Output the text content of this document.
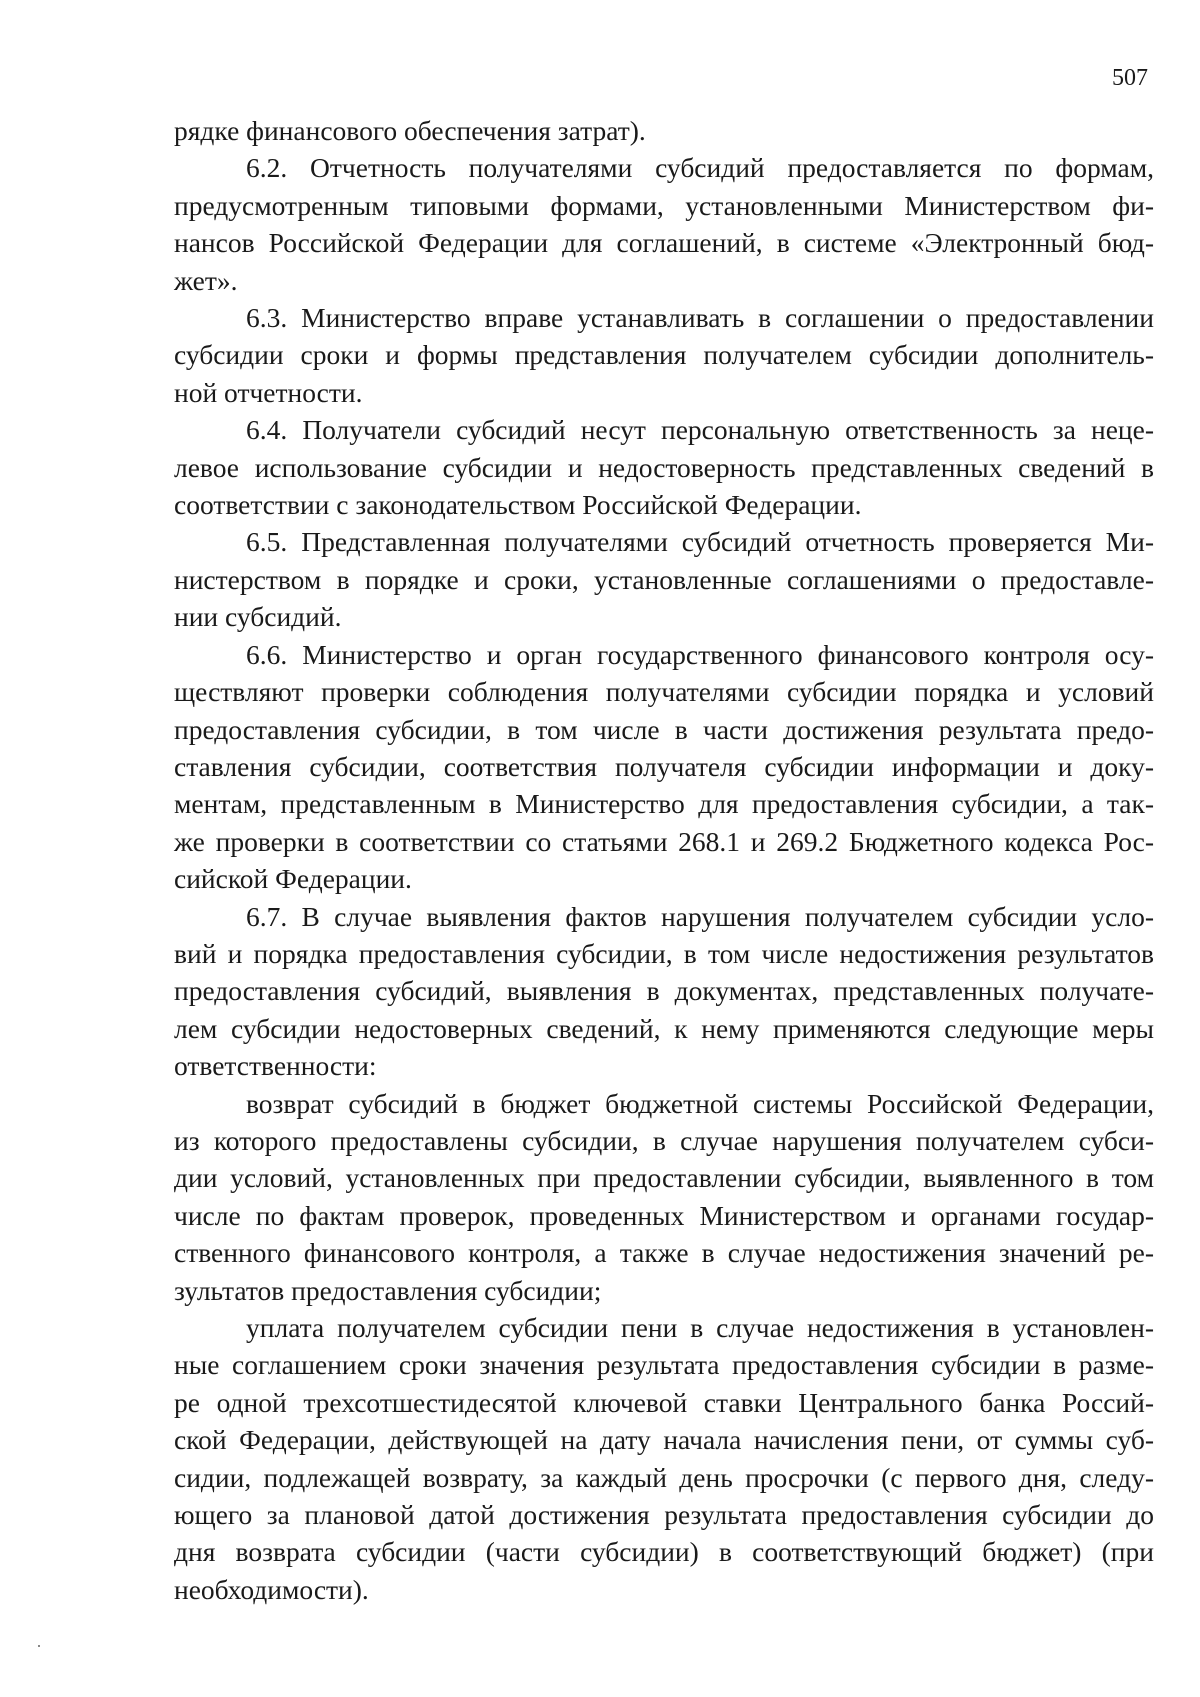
507
рядке финансового обеспечения затрат).
6.2. Отчетность получателями субсидий предоставляется по формам,
предусмотренным типовыми формами, установленными Министерством фи-
нансов Российской Федерации для соглашений, в системе «Электронный бюд-
жет».
6.3. Министерство вправе устанавливать в соглашении о предоставлении
субсидии сроки и формы представления получателем субсидии дополнитель-
ной отчетности.
6.4. Получатели субсидий несут персональную ответственность за неце-
левое использование субсидии и недостоверность представленных сведений в
соответствии с законодательством Российской Федерации.
6.5. Представленная получателями субсидий отчетность проверяется Ми-
нистерством в порядке и сроки, установленные соглашениями о предоставле-
нии субсидий.
6.6. Министерство и орган государственного финансового контроля осу-
ществляют проверки соблюдения получателями субсидии порядка и условий
предоставления субсидии, в том числе в части достижения результата предо-
ставления субсидии, соответствия получателя субсидии информации и доку-
ментам, представленным в Министерство для предоставления субсидии, а так-
же проверки в соответствии со статьями 268.1 и 269.2 Бюджетного кодекса Рос-
сийской Федерации.
6.7. В случае выявления фактов нарушения получателем субсидии усло-
вий и порядка предоставления субсидии, в том числе недостижения результатов
предоставления субсидий, выявления в документах, представленных получате-
лем субсидии недостоверных сведений, к нему применяются следующие меры
ответственности:
возврат субсидий в бюджет бюджетной системы Российской Федерации,
из которого предоставлены субсидии, в случае нарушения получателем субси-
дии условий, установленных при предоставлении субсидии, выявленного в том
числе по фактам проверок, проведенных Министерством и органами государ-
ственного финансового контроля, а также в случае недостижения значений ре-
зультатов предоставления субсидии;
уплата получателем субсидии пени в случае недостижения в установлен-
ные соглашением сроки значения результата предоставления субсидии в разме-
ре одной трехсотшестидесятой ключевой ставки Центрального банка Россий-
ской Федерации, действующей на дату начала начисления пени, от суммы суб-
сидии, подлежащей возврату, за каждый день просрочки (с первого дня, следу-
ющего за плановой датой достижения результата предоставления субсидии до
дня возврата субсидии (части субсидии) в соответствующий бюджет) (при
необходимости).
